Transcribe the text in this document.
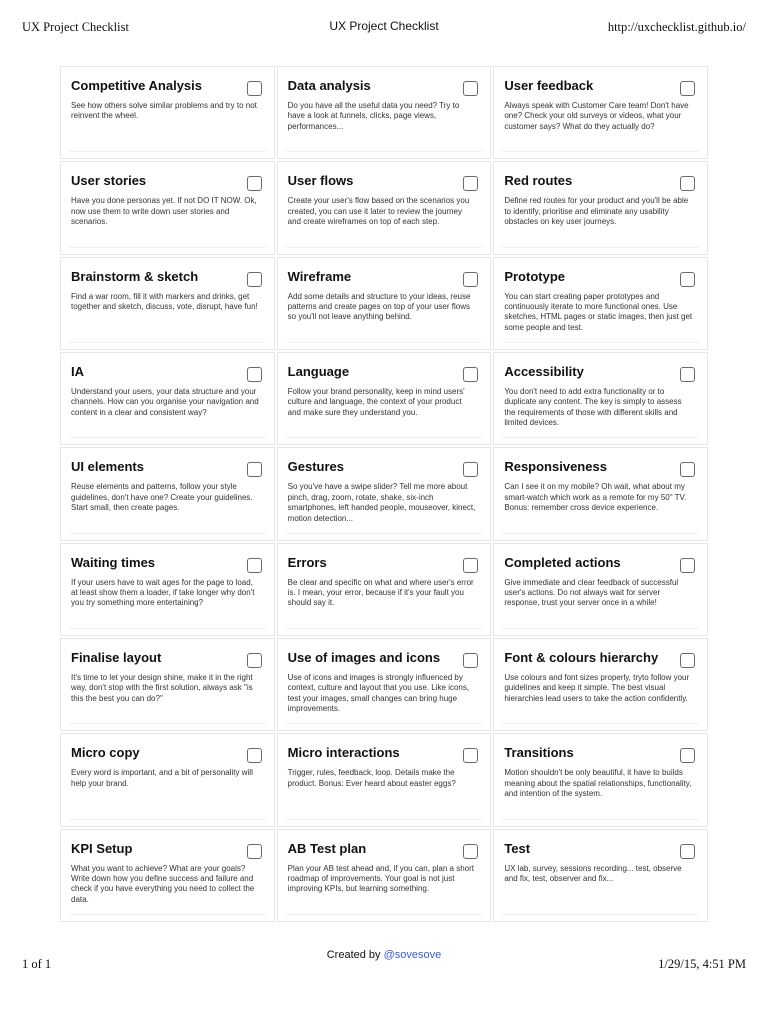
UX Project Checklist	UX Project Checklist	http://uxchecklist.github.io/
Competitive Analysis
See how others solve similar problems and try to not reinvent the wheel.
Data analysis
Do you have all the useful data you need? Try to have a look at funnels, clicks, page views, performances...
User feedback
Always speak with Customer Care team! Don't have one? Check your old surveys or videos, what your customer says? What do they actually do?
User stories
Have you done personas yet. If not DO IT NOW. Ok, now use them to write down user stories and scenarios.
User flows
Create your user's flow based on the scenarios you created, you can use it later to review the journey and create wireframes on top of each step.
Red routes
Define red routes for your product and you'll be able to identify, prioritise and eliminate any usability obstacles on key user journeys.
Brainstorm & sketch
Find a war room, fill it with markers and drinks, get together and sketch, discuss, vote, disrupt, have fun!
Wireframe
Add some details and structure to your ideas, reuse patterns and create pages on top of your user flows so you'll not leave anything behind.
Prototype
You can start creating paper prototypes and continuously iterate to more functional ones. Use sketches, HTML pages or static images, then just get some people and test.
IA
Understand your users, your data structure and your channels. How can you organise your navigation and content in a clear and consistent way?
Language
Follow your brand personality, keep in mind users' culture and language, the context of your product and make sure they understand you.
Accessibility
You don't need to add extra functionality or to duplicate any content. The key is simply to assess the requirements of those with different skills and limited devices.
UI elements
Reuse elements and patterns, follow your style guidelines, don't have one? Create your guidelines. Start small, then create pages.
Gestures
So you've have a swipe slider? Tell me more about pinch, drag, zoom, rotate, shake, six-inch smartphones, left handed people, mouseover, kinect, motion detection...
Responsiveness
Can I see it on my mobile? Oh wait, what about my smart-watch which work as a remote for my 50" TV. Bonus: remember cross device experience.
Waiting times
If your users have to wait ages for the page to load, at least show them a loader, if take longer why don't you try something more entertaining?
Errors
Be clear and specific on what and where user's error is. I mean, your error, because if it's your fault you should say it.
Completed actions
Give immediate and clear feedback of successful user's actions. Do not always wait for server response, trust your server once in a while!
Finalise layout
It's time to let your design shine, make it in the right way, don't stop with the first solution, always ask "is this the best you can do?"
Use of images and icons
Use of icons and images is strongly influenced by context, culture and layout that you use. Like icons, test your images, small changes can bring huge improvements.
Font & colours hierarchy
Use colours and font sizes properly, tryto follow your guidelines and keep it simple. The best visual hierarchies lead users to take the action confidently.
Micro copy
Every word is important, and a bit of personality will help your brand.
Micro interactions
Trigger, rules, feedback, loop. Details make the product. Bonus: Ever heard about easter eggs?
Transitions
Motion shouldn't be only beautiful, it have to builds meaning about the spatial relationships, functionality, and intention of the system.
KPI Setup
What you want to achieve? What are your goals? Write down how you define success and failure and check if you have everything you need to collect the data.
AB Test plan
Plan your AB test ahead and, if you can, plan a short roadmap of improvements. Your goal is not just improving KPIs, but learning something.
Test
UX lab, survey, sessions recording... test, observe and fix, test, observer and fix...
1 of 1
Created by @sovesove
1/29/15, 4:51 PM
